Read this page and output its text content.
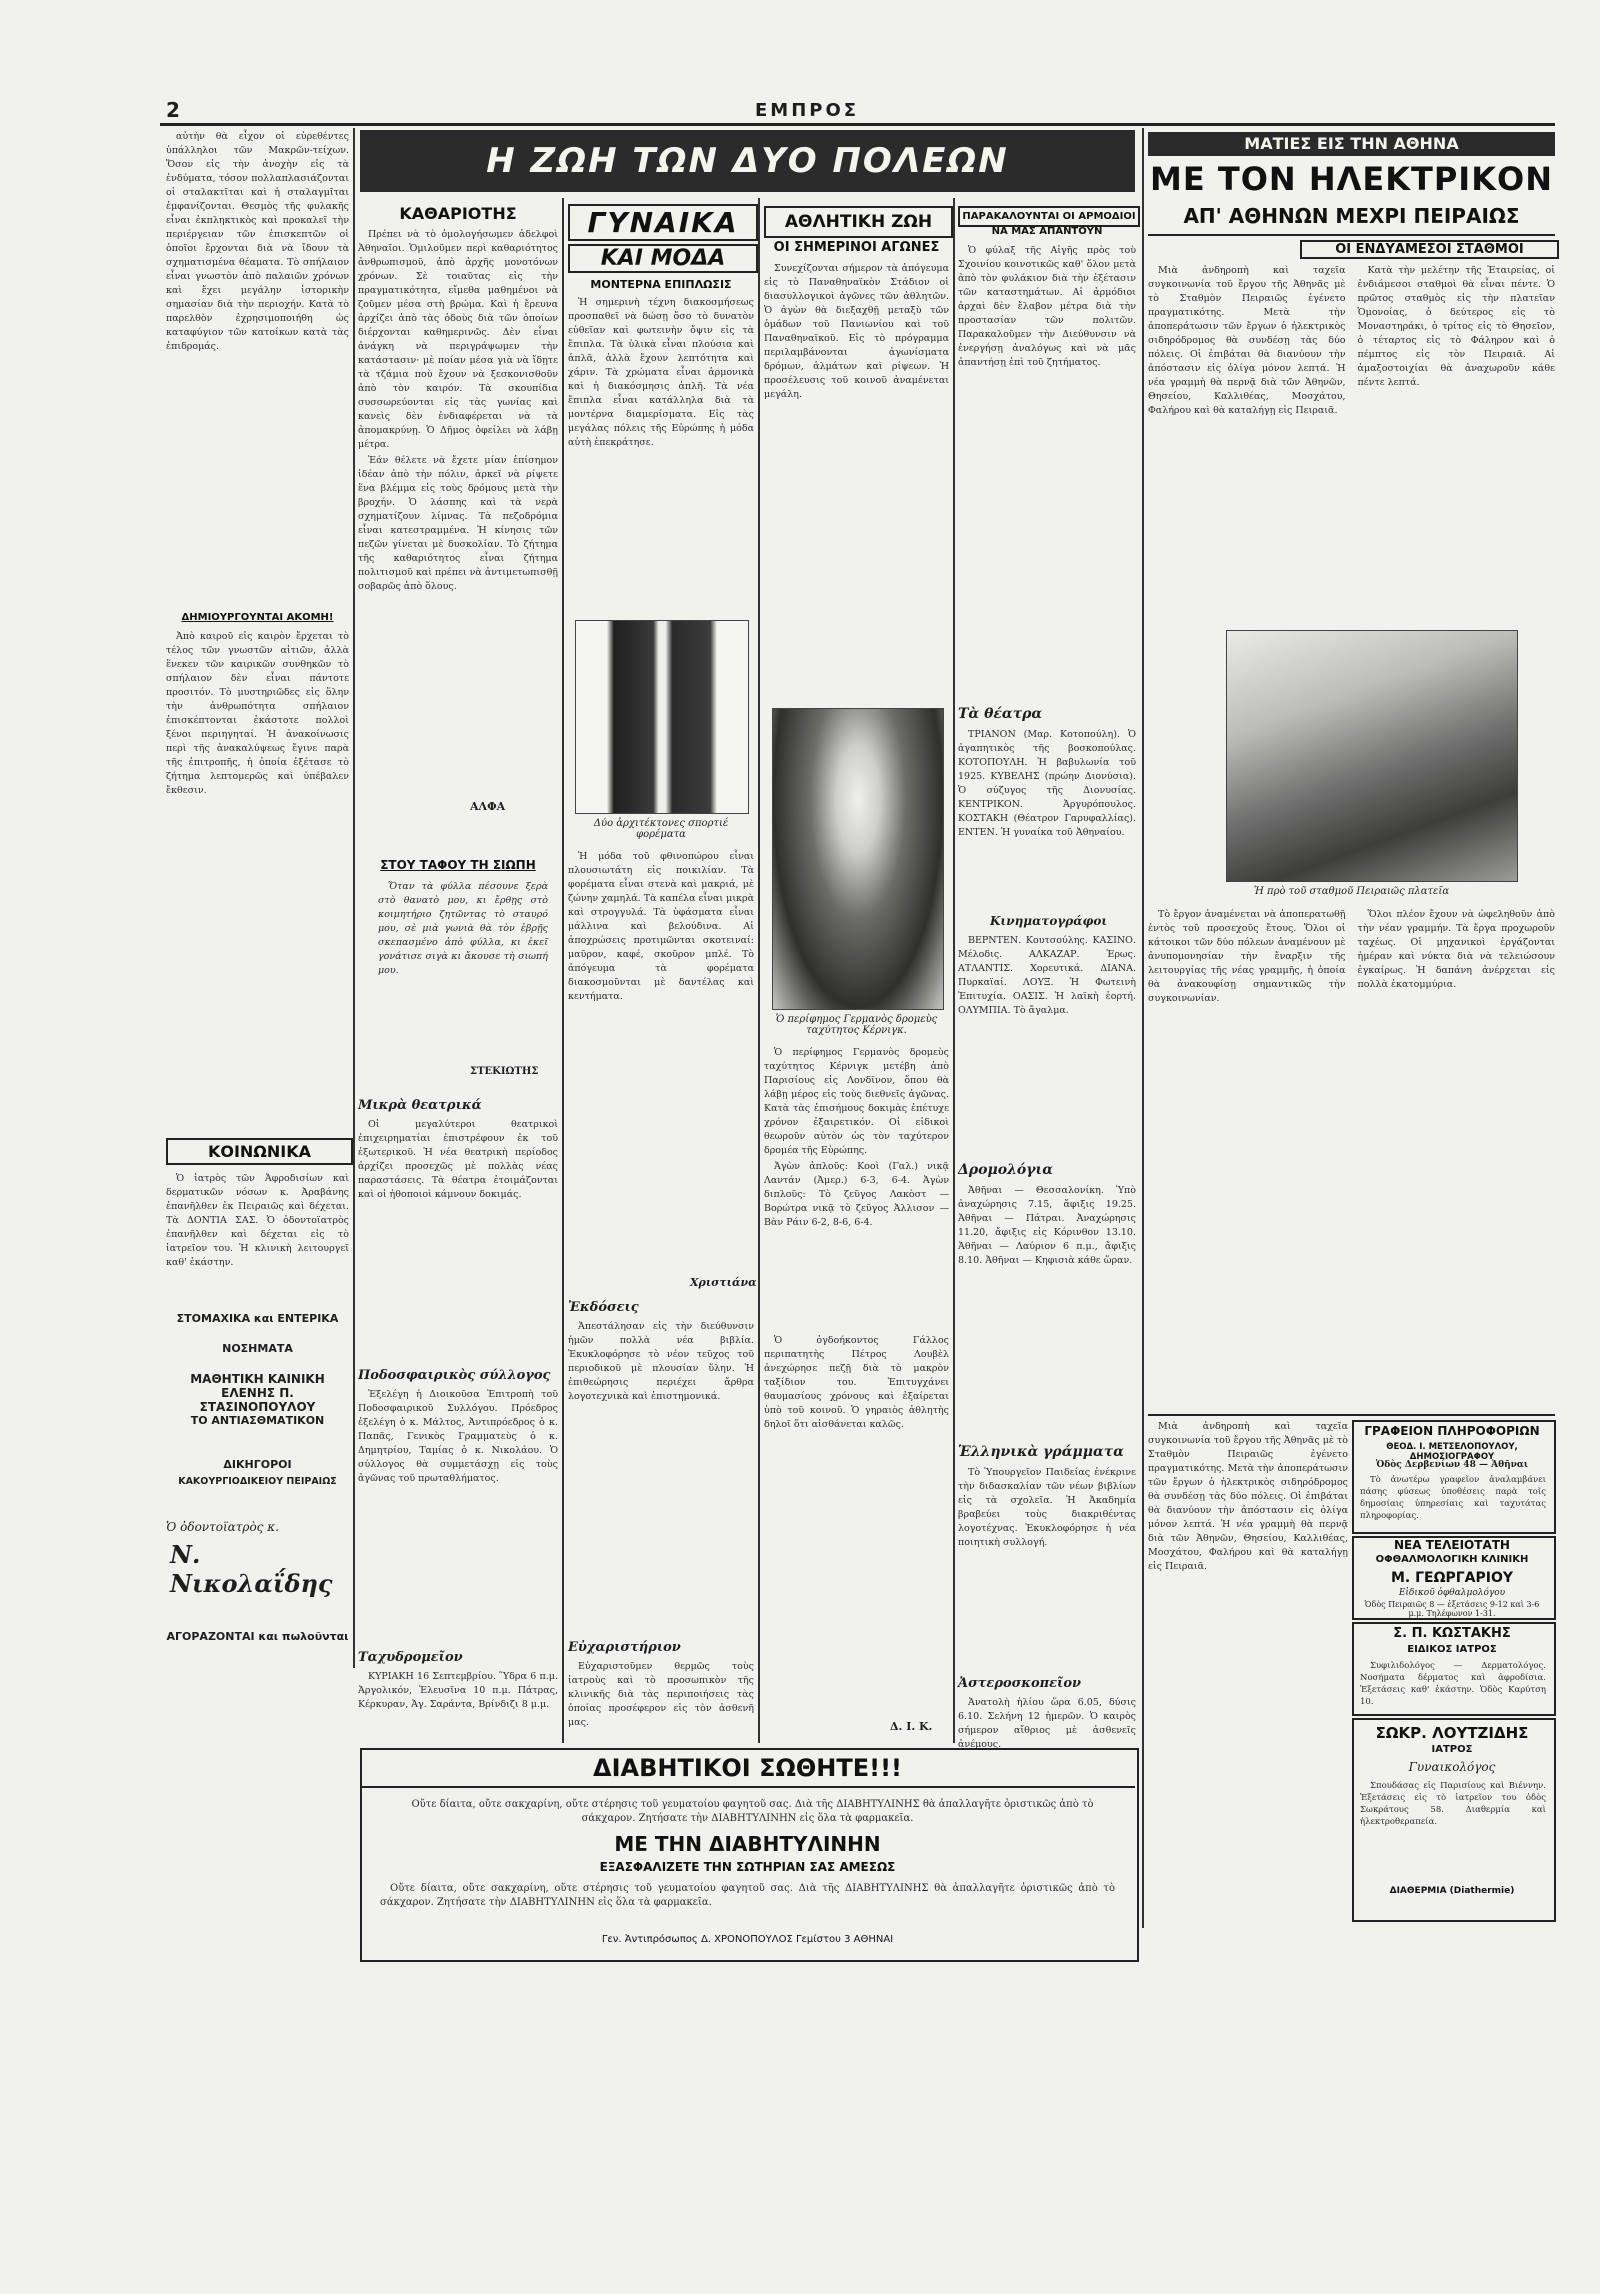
2	ΕΜΠΡΟΣ

αὐτὴν θὰ εἶχον οἱ εὑρεθέντες ὑπάλληλοι τῶν Μακρῶν-τείχων. Ὅσον εἰς τὴν ἀνοχὴν εἰς τὰ ἐνδύματα, τόσον πολλαπλασιάζονται οἱ σταλακτῖται καὶ ἡ σταλαγμῖται ἐμφανίζονται. Θεσμὸς τῆς φυλακῆς εἶναι ἐκπληκτικὸς καὶ προκαλεῖ τὴν περιέργειαν τῶν ἐπισκεπτῶν οἱ ὁποῖοι ἔρχονται διὰ νὰ ἴδουν τὰ σχηματισμένα θέαματα. Τὸ σπήλαιον εἶναι γνωστὸν ἀπὸ παλαιῶν χρόνων καὶ ἔχει μεγάλην ἱστορικὴν σημασίαν διὰ τὴν περιοχήν. Κατὰ τὸ παρελθὸν ἐχρησιμοποιήθη ὡς καταφύγιον τῶν κατοίκων κατὰ τὰς ἐπιδρομάς.

ΔΗΜΙΟΥΡΓΟΥΝΤΑΙ ΑΚΟΜΗ!

Ἀπὸ καιροῦ εἰς καιρὸν ἔρχεται τὸ τέλος τῶν γνωστῶν αἰτιῶν, ἀλλὰ ἕνεκεν τῶν καιρικῶν συνθηκῶν τὸ σπήλαιον δὲν εἶναι πάντοτε προσιτόν. Τὸ μυστηριῶδες εἰς ὅλην τὴν ἀνθρωπότητα σπήλαιον ἐπισκέπτονται ἑκάστοτε πολλοὶ ξένοι περιηγηταί. Ἡ ἀνακοίνωσις περὶ τῆς ἀνακαλύψεως ἔγινε παρὰ τῆς ἐπιτροπῆς, ἡ ὁποία ἐξέτασε τὸ ζήτημα λεπτομερῶς καὶ ὑπέβαλεν ἔκθεσιν.

ΚΟΙΝΩΝΙΚΑ

Ὁ ἰατρὸς τῶν Ἀφροδισίων καὶ δερματικῶν νόσων κ. Ἀραβάνης ἐπανῆλθεν ἐκ Πειραιῶς καὶ δέχεται. Τὰ ΔΟΝΤΙΑ ΣΑΣ. Ὁ ὀδοντοϊατρὸς ἐπανῆλθεν καὶ δέχεται εἰς τὸ ἰατρεῖον του. Ἡ κλινικὴ λειτουργεῖ καθ' ἑκάστην.

ΣΤΟΜΑΧΙΚΑ και ΕΝΤΕΡΙΚΑ
ΝΟΣΗΜΑΤΑ
ΜΑΘΗΤΙΚΗ ΚΑΙΝΙΚΗ ΕΛΕΝΗΣ Π. ΣΤΑΣΙΝΟΠΟΥΛΟΥ
ΤΟ ΑΝΤΙΑΣΘΜΑΤΙΚΟΝ
ΔΙΚΗΓΟΡΟΙ
ΚΑΚΟΥΡΓΙΟΔΙΚΕΙΟΥ ΠΕΙΡΑΙΩΣ
Ὁ ὀδοντοϊατρὸς κ.
Ν. Νικολαΐδης
ΑΓΟΡΑΖΟΝΤΑΙ και πωλοῦνται
Η ΖΩΗ ΤΩΝ ΔΥΟ ΠΟΛΕΩΝ
ΚΑΘΑΡΙΟΤΗΣ

Πρέπει νὰ τὸ ὁμολογήσωμεν ἀδελφοὶ Ἀθηναῖοι. Ὁμιλοῦμεν περὶ καθαριότητος ἀνθρωπισμοῦ, ἀπὸ ἀρχῆς μονοτόνων χρόνων. Σὲ τοιαῦτας εἰς τὴν πραγματικότητα, εἴμεθα μαθημένοι νὰ ζοῦμεν μέσα στὴ βρώμα. Καὶ ἡ ἔρευνα ἀρχίζει ἀπὸ τὰς ὁδοὺς διὰ τῶν ὁποίων διέρχονται καθημερινῶς. Δὲν εἶναι ἀνάγκη νὰ περιγράψωμεν τὴν κατάστασιν· μὲ ποίαν μέσα γιὰ νὰ ἴδῃτε τὰ τζάμια ποὺ ἔχουν νὰ ξεσκονισθοῦν ἀπὸ τὸν καιρόν. Τὰ σκουπίδια συσσωρεύονται εἰς τὰς γωνίας καὶ κανεὶς δὲν ἐνδιαφέρεται νὰ τὰ ἀπομακρύνῃ. Ὁ Δῆμος ὀφείλει νὰ λάβῃ μέτρα.

Ἐάν θέλετε νὰ ἔχετε μίαν ἐπίσημον ἰδέαν ἀπὸ τὴν πόλιν, ἀρκεῖ νὰ ρίψετε ἕνα βλέμμα εἰς τοὺς δρόμους μετὰ τὴν βροχήν. Ὁ λάσπης καὶ τὰ νερὰ σχηματίζουν λίμνας. Τὰ πεζοδρόμια εἶναι κατεστραμμένα. Ἡ κίνησις τῶν πεζῶν γίνεται μὲ δυσκολίαν. Τὸ ζήτημα τῆς καθαριότητος εἶναι ζήτημα πολιτισμοῦ καὶ πρέπει νὰ ἀντιμετωπισθῇ σοβαρῶς ἀπὸ ὅλους.

ΑΛΦΑ
ΣΤΟΥ ΤΑΦΟΥ ΤΗ ΣΙΩΠΗ

Ὅταν τὰ φύλλα πέσουνε ξερὰ στὸ θανατὸ μου, κι ἔρθῃς στὸ κοιμητήριο ζητῶντας τὸ σταυρό μου, σὲ μιὰ γωνιὰ θὰ τὸν ἐβρῇς σκεπασμένο ἀπὸ φύλλα, κι ἐκεῖ γονάτισε σιγὰ κι ἄκουσε τὴ σιωπή μου.

ΣΤΕΚΙΩΤΗΣ
Μικρὰ θεατρικά

Οἱ μεγαλύτεροι θεατρικοὶ ἐπιχειρηματίαι ἐπιστρέφουν ἐκ τοῦ ἐξωτερικοῦ. Ἡ νέα θεατρικὴ περίοδος ἀρχίζει προσεχῶς μὲ πολλὰς νέας παραστάσεις. Τὰ θέατρα ἑτοιμάζονται καὶ οἱ ἠθοποιοὶ κάμνουν δοκιμάς.

Ποδοσφαιρικὸς σύλλογος

Ἐξελέγη ἡ Διοικοῦσα Ἐπιτροπὴ τοῦ Ποδοσφαιρικοῦ Συλλόγου. Πρόεδρος ἐξελέγη ὁ κ. Μάλτος, Ἀντιπρόεδρος ὁ κ. Παπᾶς, Γενικὸς Γραμματεὺς ὁ κ. Δημητρίου, Ταμίας ὁ κ. Νικολάου. Ὁ σύλλογος θὰ συμμετάσχῃ εἰς τοὺς ἀγῶνας τοῦ πρωταθλήματος.

Ταχυδρομεῖον

ΚΥΡΙΑΚΗ 16 Σεπτεμβρίου. Ὕδρα 6 π.μ. Ἀργολικόν, Ἐλευσῖνα 10 π.μ. Πάτρας, Κέρκυραν, Ἀγ. Σαράντα, Βρίνδιζι 8 μ.μ.

ΓΥΝΑΙΚΑ
ΚΑΙ ΜΟΔΑ
ΜΟΝΤΕΡΝΑ ΕΠΙΠΛΩΣΙΣ

Ἡ σημερινὴ τέχνη διακοσμήσεως προσπαθεῖ νὰ δώσῃ ὅσο τὸ δυνατὸν εὐθεῖαν καὶ φωτεινὴν ὄψιν εἰς τὰ ἔπιπλα. Τὰ ὑλικὰ εἶναι πλούσια καὶ ἁπλᾶ, ἀλλὰ ἔχουν λεπτότητα καὶ χάριν. Τὰ χρώματα εἶναι ἁρμονικὰ καὶ ἡ διακόσμησις ἀπλῆ. Τὰ νέα ἔπιπλα εἶναι κατάλληλα διὰ τὰ μοντέρνα διαμερίσματα. Εἰς τὰς μεγάλας πόλεις τῆς Εὐρώπης ἡ μόδα αὐτὴ ἐπεκράτησε.

Δύο ἀρχιτέκτονες σπορτιέ φορέματα

Ἡ μόδα τοῦ φθινοπώρου εἶναι πλουσιωτάτη εἰς ποικιλίαν. Τὰ φορέματα εἶναι στενὰ καὶ μακριά, μὲ ζώνην χαμηλά. Τὰ καπέλα εἶναι μικρὰ καὶ στρογγυλά. Τὰ ὑφάσματα εἶναι μάλλινα καὶ βελούδινα. Αἱ ἀποχρώσεις προτιμῶνται σκοτειναί: μαῦρον, καφέ, σκοῦρον μπλέ. Τὸ ἀπόγευμα τὰ φορέματα διακοσμοῦνται μὲ δαντέλας καὶ κεντήματα.

Χριστιάνα
Ἐκδόσεις

Ἀπεστάλησαν εἰς τὴν διεύθυνσιν ἡμῶν πολλὰ νέα βιβλία. Ἐκυκλοφόρησε τὸ νέον τεῦχος τοῦ περιοδικοῦ μὲ πλουσίαν ὕλην. Ἡ ἐπιθεώρησις περιέχει ἄρθρα λογοτεχνικὰ καὶ ἐπιστημονικά.

Εὐχαριστήριον

Εὐχαριστοῦμεν θερμῶς τοὺς ἰατροὺς καὶ τὸ προσωπικὸν τῆς κλινικῆς διὰ τὰς περιποιήσεις τὰς ὁποίας προσέφερον εἰς τὸν ἀσθενῆ μας.

ΑΘΛΗΤΙΚΗ ΖΩΗ
ΟΙ ΣΗΜΕΡΙΝΟΙ ΑΓΩΝΕΣ

Συνεχίζονται σήμερον τὰ ἀπόγευμα εἰς τὸ Παναθηναϊκὸν Στάδιον οἱ διασυλλογικοὶ ἀγῶνες τῶν ἀθλητῶν. Ὁ ἀγὼν θὰ διεξαχθῇ μεταξὺ τῶν ὁμάδων τοῦ Πανιωνίου καὶ τοῦ Παναθηναϊκοῦ. Εἰς τὸ πρόγραμμα περιλαμβάνονται ἀγωνίσματα δρόμων, ἁλμάτων καὶ ρίψεων. Ἡ προσέλευσις τοῦ κοινοῦ ἀναμένεται μεγάλη.

Ὁ περίφημος Γερμανὸς δρομεὺς ταχύτητος Κέρνιγκ.

Ὁ περίφημος Γερμανὸς δρομεὺς ταχύτητος Κέρνιγκ μετέβη ἀπὸ Παρισίους εἰς Λονδῖνον, ὅπου θὰ λάβῃ μέρος εἰς τοὺς διεθνεῖς ἀγῶνας. Κατὰ τὰς ἐπισήμους δοκιμὰς ἐπέτυχε χρόνον ἐξαιρετικόν. Οἱ εἰδικοὶ θεωροῦν αὐτὸν ὡς τὸν ταχύτερον δρομέα τῆς Εὐρώπης.

Ἀγὼν ἀπλοῦς: Κοοὶ (Γαλ.) νικᾷ Λαντάν (Ἀμερ.) 6-3, 6-4. Ἀγὼν διπλοῦς: Τὸ ζεῦγος Λακὸστ — Βορώτρα νικᾷ τὸ ζεῦγος Ἀλλισον — Βὰν Ράιν 6-2, 8-6, 6-4.

Ὁ ὀγδοήκοντος Γάλλος περιπατητὴς Πέτρος Λουβὲλ ἀνεχώρησε πεζῇ διὰ τὸ μακρὸν ταξίδιον του. Ἐπιτυγχάνει θαυμασίους χρόνους καὶ ἐξαίρεται ὑπὸ τοῦ κοινοῦ. Ὁ γηραιὸς ἀθλητὴς δηλοῖ ὅτι αἰσθάνεται καλῶς.

Δ. Ι. Κ.
ΠΑΡΑΚΑΛΟΥΝΤΑΙ ΟΙ ΑΡΜΟΔΙΟΙ
ΝΑ ΜΑΣ ΑΠΑΝΤΟΥΝ

Ὁ φύλαξ τῆς Αἰγῆς πρὸς τοὺ Σχοινίου κοινοτικῶς καθ' ὅλον μετὰ ἀπὸ τὸν φυλάκιον διὰ τὴν ἐξέτασιν τῶν καταστημάτων. Αἱ ἀρμόδιοι ἀρχαὶ δὲν ἔλαβον μέτρα διὰ τὴν προστασίαν τῶν πολιτῶν. Παρακαλοῦμεν τὴν Διεύθυνσιν νὰ ἐνεργήσῃ ἀναλόγως καὶ νὰ μᾶς ἀπαντήσῃ ἐπὶ τοῦ ζητήματος.

Τὰ θέατρα

ΤΡΙΑΝΟΝ (Μαρ. Κοτοπούλη). Ὁ ἀγαπητικὸς τῆς βοσκοπούλας. ΚΟΤΟΠΟΥΛΗ. Ἡ βαβυλωνία τοῦ 1925. ΚΥΒΕΛΗΣ (πρώην Διονύσια). Ὁ σύζυγος τῆς Διονυσίας. ΚΕΝΤΡΙΚΟΝ. Ἀργυρόπουλος. ΚΟΣΤΑΚΗ (Θέατρον Γαρυφαλλίας). ΕΝΤΕΝ. Ἡ γυναίκα τοῦ Ἀθηναίου.

Κινηματογράφοι

ΒΕΡΝΤΕΝ. Κουτσούλης. ΚΑΣΙΝΟ. Μέλοδις. ΑΛΚΑΖΑΡ. Ἑρως. ΑΤΛΑΝΤΙΣ. Χορευτικά. ΔΙΑΝΑ. Πυρκαϊαί. ΛΟΥΞ. Ἡ Φωτεινὴ Ἐπιτυχία. ΟΑΣΙΣ. Ἡ λαϊκὴ ἑορτή. ΟΛΥΜΠΙΑ. Τὸ ἄγαλμα.

Δρομολόγια

Ἀθῆναι — Θεσσαλονίκη. Ὑπὸ ἀναχώρησις 7.15, ἄφιξις 19.25. Ἀθῆναι — Πάτραι. Ἀναχώρησις 11.20, ἄφιξις εἰς Κόρινθον 13.10. Ἀθῆναι — Λαύριον 6 π.μ., ἄφιξις 8.10. Ἀθῆναι — Κηφισιὰ κάθε ὥραν.

Ἑλληνικὰ γράμματα

Τὸ Ὑπουργεῖον Παιδείας ἐνέκρινε τὴν διδασκαλίαν τῶν νέων βιβλίων εἰς τὰ σχολεῖα. Ἡ Ἀκαδημία βραβεύει τοὺς διακριθέντας λογοτέχνας. Ἐκυκλοφόρησε ἡ νέα ποιητικὴ συλλογή.

Ἀστεροσκοπεῖον

Ἀνατολὴ ἡλίου ὥρα 6.05, δύσις 6.10. Σελήνη 12 ἡμερῶν. Ὁ καιρὸς σήμερον αἴθριος μὲ ἀσθενεῖς ἀνέμους.

ΜΑΤΙΕΣ ΕΙΣ ΤΗΝ ΑΘΗΝΑ
ΜΕ ΤΟΝ ΗΛΕΚΤΡΙΚΟΝ
ΑΠ' ΑΘΗΝΩΝ ΜΕΧΡΙ ΠΕΙΡΑΙΩΣ
ΟΙ ΕΝΔΥΑΜΕΣΟΙ ΣΤΑΘΜΟΙ

Μιὰ ἀνδηροπὴ καὶ ταχεῖα συγκοινωνία τοῦ ἔργου τῆς Ἀθηνᾶς μὲ τὸ Σταθμὸν Πειραιῶς ἐγένετο πραγματικότης. Μετὰ τὴν ἀποπεράτωσιν τῶν ἔργων ὁ ἠλεκτρικὸς σιδηρόδρομος θὰ συνδέσῃ τὰς δύο πόλεις. Οἱ ἐπιβάται θὰ διανύουν τὴν ἀπόστασιν εἰς ὀλίγα μόνον λεπτά. Ἡ νέα γραμμὴ θὰ περνᾷ διὰ τῶν Ἀθηνῶν, Θησείου, Καλλιθέας, Μοσχάτου, Φαλήρου καὶ θὰ καταλήγῃ εἰς Πειραιᾶ.

Κατὰ τὴν μελέτην τῆς Ἑταιρείας, οἱ ἐνδιάμεσοι σταθμοὶ θὰ εἶναι πέντε. Ὁ πρῶτος σταθμὸς εἰς τὴν πλατεῖαν Ὁμονοίας, ὁ δεύτερος εἰς τὸ Μοναστηράκι, ὁ τρίτος εἰς τὸ Θησεῖον, ὁ τέταρτος εἰς τὸ Φάληρον καὶ ὁ πέμπτος εἰς τὸν Πειραιᾶ. Αἱ ἁμαξοστοιχίαι θὰ ἀναχωροῦν κάθε πέντε λεπτά.

Ἡ πρὸ τοῦ σταθμοῦ Πειραιῶς πλατεῖα

Τὸ ἔργον ἀναμένεται νὰ ἀποπερατωθῇ ἐντὸς τοῦ προσεχοῦς ἔτους. Ὅλοι οἱ κάτοικοι τῶν δύο πόλεων ἀναμένουν μὲ ἀνυπομονησίαν τὴν ἔναρξιν τῆς λειτουργίας τῆς νέας γραμμῆς, ἡ ὁποία θὰ ἀνακουφίσῃ σημαντικῶς τὴν συγκοινωνίαν.

Ὅλοι πλέον ἔχουν νὰ ὠφεληθοῦν ἀπὸ τὴν νέαν γραμμήν. Τὰ ἔργα προχωροῦν ταχέως. Οἱ μηχανικοὶ ἐργάζονται ἡμέραν καὶ νύκτα διὰ νὰ τελειώσουν ἐγκαίρως. Ἡ δαπάνη ἀνέρχεται εἰς πολλὰ ἑκατομμύρια.

Μιὰ ἀνδηροπὴ καὶ ταχεῖα συγκοινωνία τοῦ ἔργου τῆς Ἀθηνᾶς μὲ τὸ Σταθμὸν Πειραιῶς ἐγένετο πραγματικότης. Μετὰ τὴν ἀποπεράτωσιν τῶν ἔργων ὁ ἠλεκτρικὸς σιδηρόδρομος θὰ συνδέσῃ τὰς δύο πόλεις. Οἱ ἐπιβάται θὰ διανύουν τὴν ἀπόστασιν εἰς ὀλίγα μόνον λεπτά. Ἡ νέα γραμμὴ θὰ περνᾷ διὰ τῶν Ἀθηνῶν, Θησείου, Καλλιθέας, Μοσχάτου, Φαλήρου καὶ θὰ καταλήγῃ εἰς Πειραιᾶ.

ΓΡΑΦΕΙΟΝ ΠΛΗΡΟΦΟΡΙΩΝ
ΘΕΟΔ. Ι. ΜΕΤΣΕΛΟΠΟΥΛΟΥ, ΔΗΜΟΣΙΟΓΡΑΦΟΥ
Ὁδὸς Δερβενίων 48 — Ἀθῆναι

Τὸ ἀνωτέρω γραφεῖον ἀναλαμβάνει πάσης φύσεως ὑποθέσεις παρὰ τοῖς δημοσίαις ὑπηρεσίαις καὶ ταχυτάτας πληροφορίας.

ΝΕΑ ΤΕΛΕΙΟΤΑΤΗ
ΟΦΘΑΛΜΟΛΟΓΙΚΗ ΚΛΙΝΙΚΗ
Μ. ΓΕΩΡΓΑΡΙΟΥ
Εἰδικοῦ ὀφθαλμολόγου
Ὁδὸς Πειραιῶς 8 — ἐξετάσεις 9-12 καὶ 3-6 μ.μ. Τηλέφωνον 1-31.
Σ. Π. ΚΩΣΤΑΚΗΣ
ΕΙΔΙΚΟΣ ΙΑΤΡΟΣ

Συφιλιδολόγος — Δερματολόγος. Νοσήματα δέρματος καὶ ἀφροδίσια. Ἐξετάσεις καθ' ἑκάστην. Ὁδὸς Καρύτση 10.

ΣΩΚΡ. ΛΟΥΤΖΙΔΗΣ
ΙΑΤΡΟΣ
Γυναικολόγος

Σπουδάσας εἰς Παρισίους καὶ Βιέννην. Ἐξετάσεις εἰς τὸ ἰατρεῖον του ὁδὸς Σωκράτους 58. Διαθερμία καὶ ἠλεκτροθεραπεία.

ΔΙΑΘΕΡΜΙΑ (Diathermie)
ΔΙΑΒΗΤΙΚΟΙ ΣΩΘΗΤΕ!!!

Οὔτε δίαιτα, οὔτε σακχαρίνη, οὔτε στέρησις τοῦ γευματοίου φαγητοῦ σας. Διὰ τῆς ΔΙΑΒΗΤΥΛΙΝΗΣ θὰ ἀπαλλαγῆτε ὁριστικῶς ἀπὸ τὸ σάκχαρον. Ζητήσατε τὴν ΔΙΑΒΗΤΥΛΙΝΗΝ εἰς ὅλα τὰ φαρμακεῖα.

ΜΕ ΤΗΝ ΔΙΑΒΗΤΥΛΙΝΗΝ
ΕΞΑΣΦΑΛΙΖΕΤΕ ΤΗΝ ΣΩΤΗΡΙΑΝ ΣΑΣ ΑΜΕΣΩΣ

Οὔτε δίαιτα, οὔτε σακχαρίνη, οὔτε στέρησις τοῦ γευματοίου φαγητοῦ σας. Διὰ τῆς ΔΙΑΒΗΤΥΛΙΝΗΣ θὰ ἀπαλλαγῆτε ὁριστικῶς ἀπὸ τὸ σάκχαρον. Ζητήσατε τὴν ΔΙΑΒΗΤΥΛΙΝΗΝ εἰς ὅλα τὰ φαρμακεῖα.

Γεν. Ἀντιπρόσωπος Δ. ΧΡΟΝΟΠΟΥΛΟΣ Γεμίστου 3 ΑΘΗΝΑΙ
